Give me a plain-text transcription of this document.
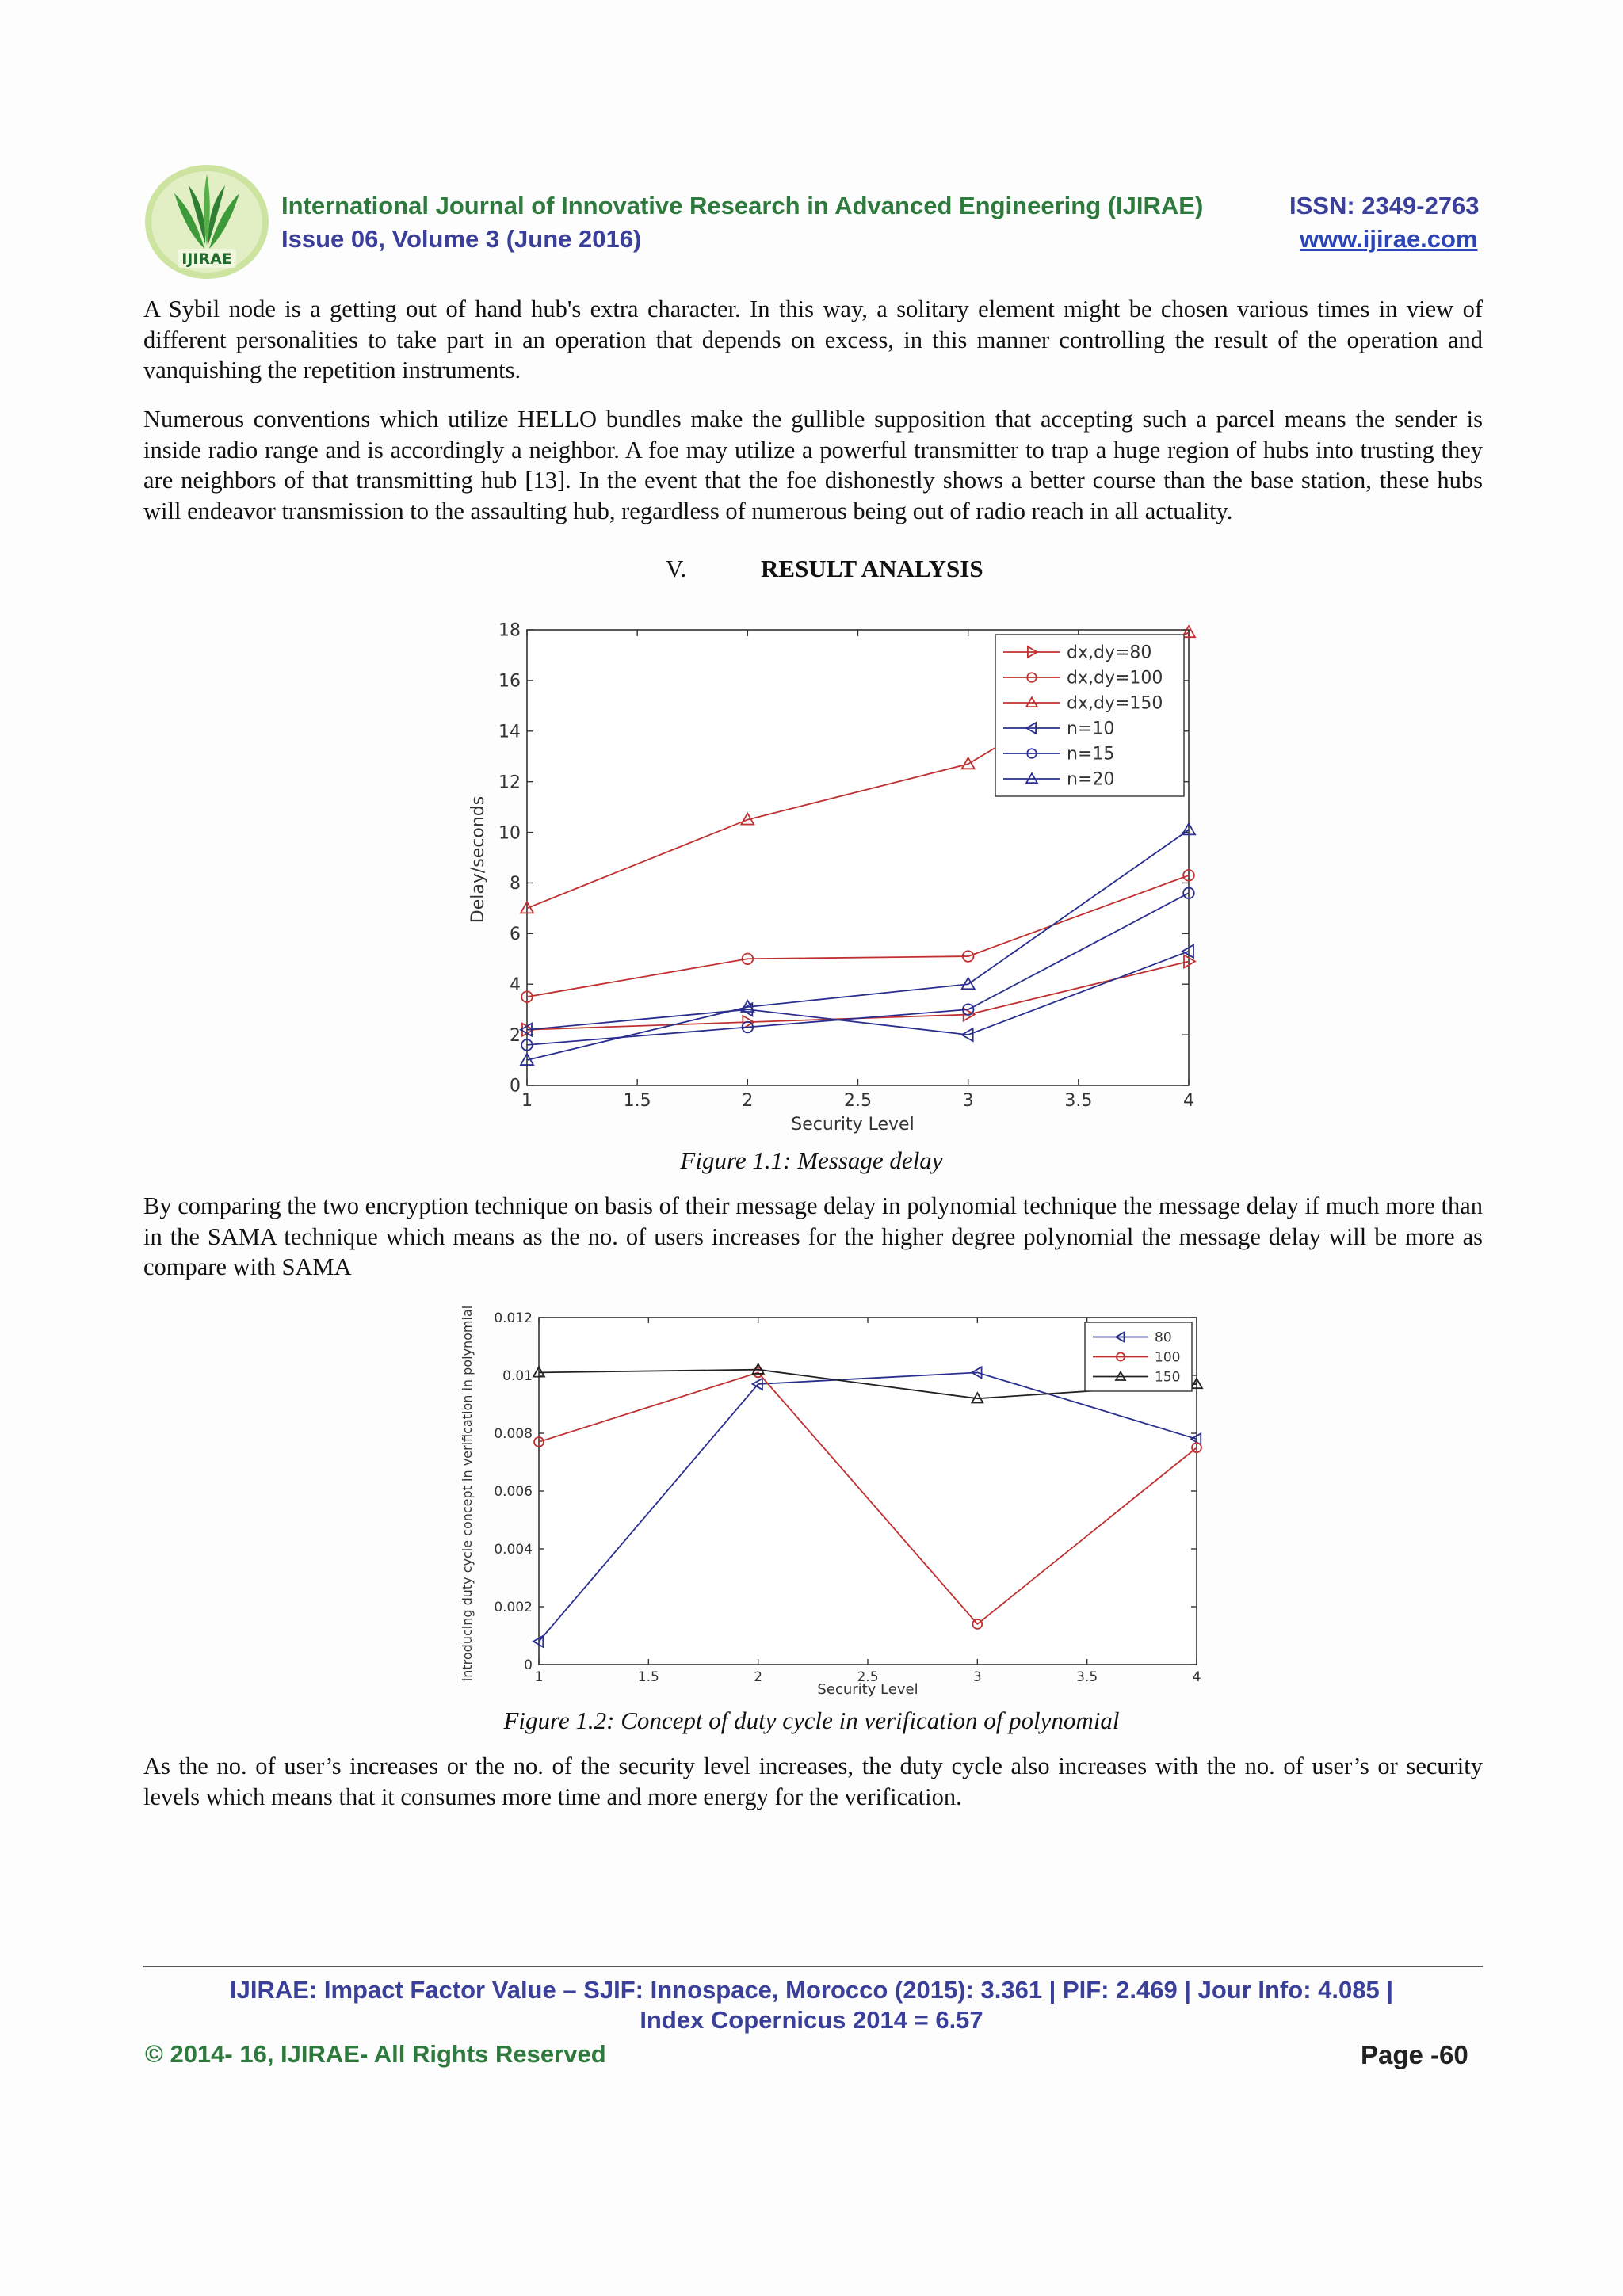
IJIRAE
International Journal of Innovative Research in Advanced Engineering (IJIRAE)
Issue 06, Volume 3 (June 2016)
ISSN: 2349-2763
www.ijirae.com

A Sybil node is a getting out of hand hub's extra character. In this way, a solitary element might be chosen various times in view of different personalities to take part in an operation that depends on excess, in this manner controlling the result of the operation and vanquishing the repetition instruments.

Numerous conventions which utilize HELLO bundles make the gullible supposition that accepting such a parcel means the sender is inside radio range and is accordingly a neighbor. A foe may utilize a powerful transmitter to trap a huge region of hubs into trusting they are neighbors of that transmitting hub [13]. In the event that the foe dishonestly shows a better course than the base station, these hubs will endeavor transmission to the assaulting hub, regardless of numerous being out of radio reach in all actuality.

V.	RESULT ANALYSIS
1	1.5	2	2.5	3	3.5	4
0
2
4
6
8
10
12
14
16
18
dx,dy=80
dx,dy=100
dx,dy=150
n=10
n=15
n=20
Security Level
Delay/seconds
Figure 1.1: Message delay

By comparing the two encryption technique on basis of their message delay in polynomial technique the message delay if much more than in the SAMA technique which means as the no. of users increases for the higher degree polynomial the message delay will be more as compare with SAMA

1	1.5	2	2.5	3	3.5	4
0
0.002
0.004
0.006
0.008
0.01
0.012
80
100
150
Security Level
introducing duty cycle concept in verification in polynomial
Figure 1.2: Concept of duty cycle in verification of polynomial

As the no. of user’s increases or the no. of the security level increases, the duty cycle also increases with the no. of user’s or security levels which means that it consumes more time and more energy for the verification.

IJIRAE: Impact Factor Value – SJIF: Innospace, Morocco (2015): 3.361 | PIF: 2.469 | Jour Info: 4.085 |
Index Copernicus 2014 = 6.57
© 2014- 16, IJIRAE- All Rights Reserved	Page -60
